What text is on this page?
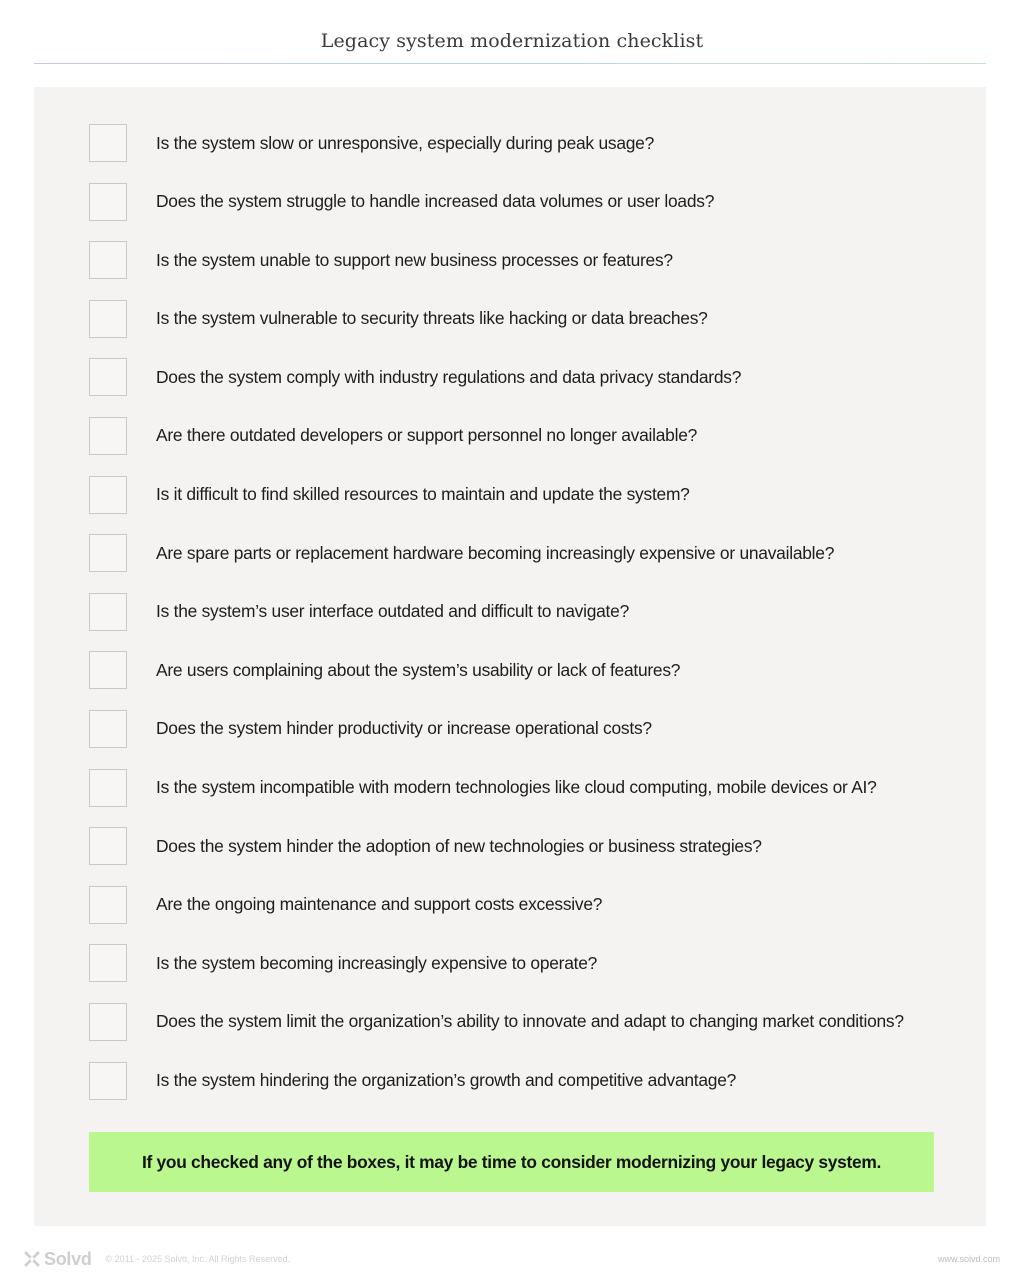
Legacy system modernization checklist
Is the system slow or unresponsive, especially during peak usage?
Does the system struggle to handle increased data volumes or user loads?
Is the system unable to support new business processes or features?
Is the system vulnerable to security threats like hacking or data breaches?
Does the system comply with industry regulations and data privacy standards?
Are there outdated developers or support personnel no longer available?
Is it difficult to find skilled resources to maintain and update the system?
Are spare parts or replacement hardware becoming increasingly expensive or unavailable?
Is the system’s user interface outdated and difficult to navigate?
Are users complaining about the system’s usability or lack of features?
Does the system hinder productivity or increase operational costs?
Is the system incompatible with modern technologies like cloud computing, mobile devices or AI?
Does the system hinder the adoption of new technologies or business strategies?
Are the ongoing maintenance and support costs excessive?
Is the system becoming increasingly expensive to operate?
Does the system limit the organization’s ability to innovate and adapt to changing market conditions?
Is the system hindering the organization’s growth and competitive advantage?
If you checked any of the boxes, it may be time to consider modernizing your legacy system.
Solvd © 2011 - 2025 Solvd, Inc. All Rights Reserved.	www.solvd.com
